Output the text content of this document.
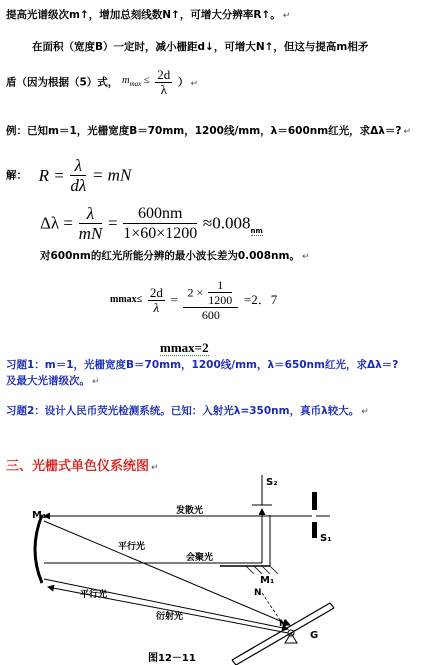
提高光谱级次m↑，增加总刻线数N↑，可增大分辨率R↑。 ↵
在面积（宽度B）一定时，减小栅距d↓，可增大N↑，但这与提高m相矛
盾（因为根据（5）式， $m_{max} \le \frac{2d}{\lambda}$ ） ↵
例：已知m＝1，光栅宽度B＝70mm，1200线/mm，λ＝600nm红光，求Δλ＝? ↵
解： $R = \frac{\lambda}{d\lambda}$ = mN
$\Delta\lambda = \frac{\lambda}{mN} = \frac{600nm}{1\times 60\times 1200} \approx 0.008_{nm}$
对600nm的红光所能分辨的最小波长差为0.008nm。 ↵
$mmax\le \frac{2d}{\lambda} = \frac{2 \times \frac{1}{1200}}{600} =2$．7
mmax=2
习题1：m＝1，光栅宽度B＝70mm，1200线/mm，λ＝650nm红光，求Δλ＝?
及最大光谱级次。 ↵
习题2：设计人民币荧光检测系统。已知：入射光λ=350nm，真币λ较大。 ↵
三、光栅式单色仪系统图 ↵
M₁
S₂
S₁
发散光
M₁
平行光
会聚光
平行光
衍射光
N
N
G
图12－11
